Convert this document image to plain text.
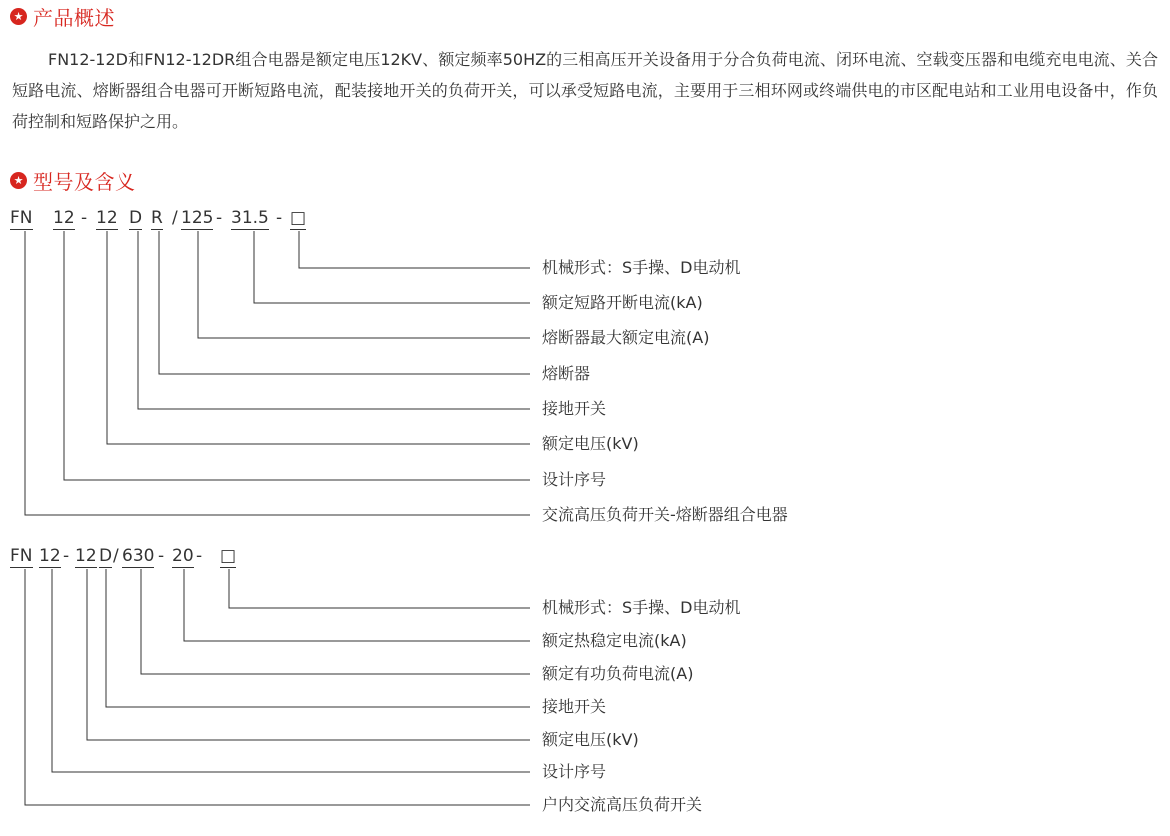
★ 产品概述

FN12-12D和FN12-12DR组合电器是额定电压12KV、额定频率50HZ的三相高压开关设备用于分合负荷电流、闭环电流、空载变压器和电缆充电电流、关合短路电流、熔断器组合电器可开断短路电流，配装接地开关的负荷开关，可以承受短路电流，主要用于三相环网或终端供电的市区配电站和工业用电设备中，作负荷控制和短路保护之用。

★ 型号及含义
FN 12 - 12 D R / 125 - 31.5 - □
机械形式：S手操、D电动机
额定短路开断电流(kA)
熔断器最大额定电流(A)
熔断器
接地开关
额定电压(kV)
设计序号
交流高压负荷开关-熔断器组合电器
FN 12 - 12 D / 630 - 20 - □
机械形式：S手操、D电动机
额定热稳定电流(kA)
额定有功负荷电流(A)
接地开关
额定电压(kV)
设计序号
户内交流高压负荷开关
